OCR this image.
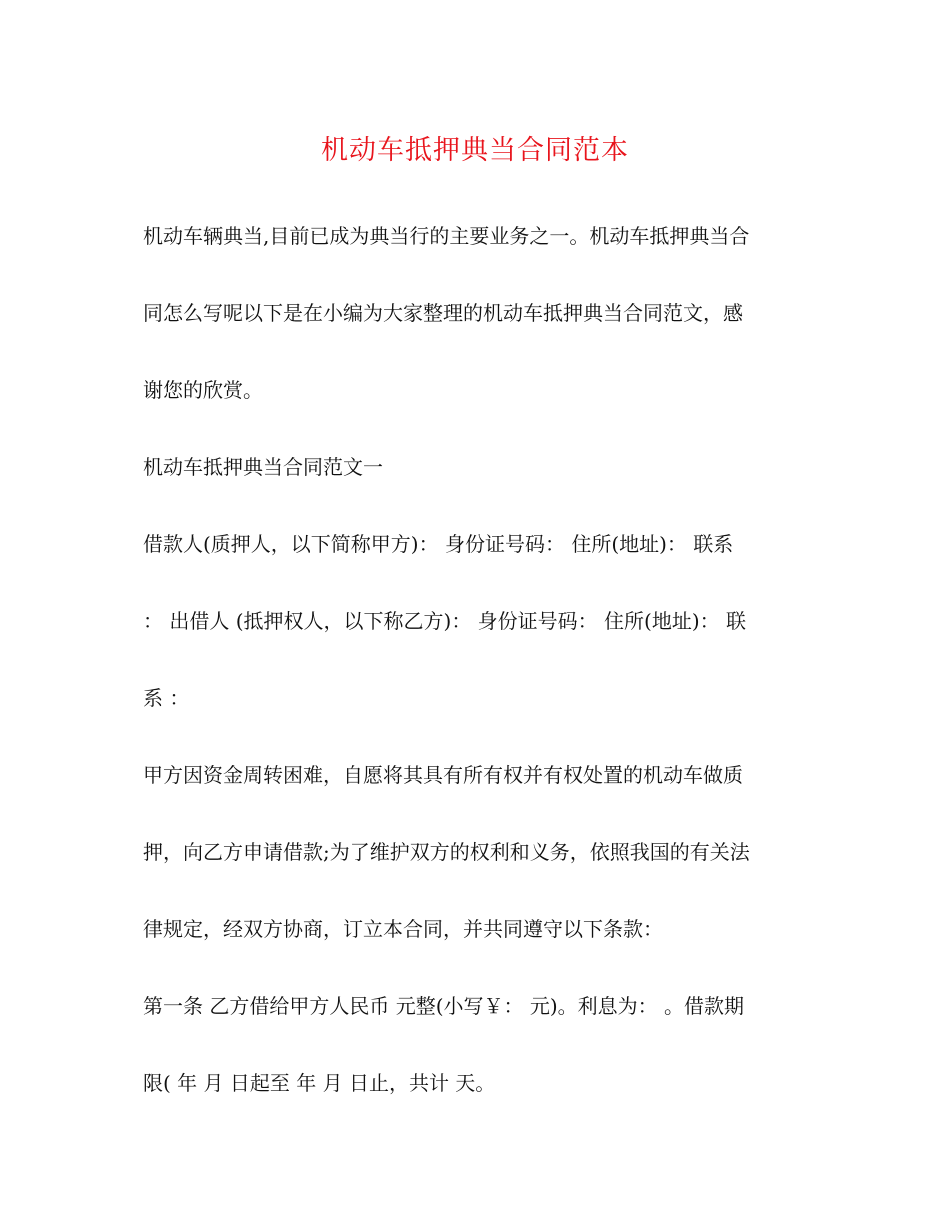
机动车抵押典当合同范本
机动车辆典当,目前已成为典当行的主要业务之一。机动车抵押典当合
同怎么写呢以下是在小编为大家整理的机动车抵押典当合同范文，感
谢您的欣赏。
机动车抵押典当合同范文一
借款人(质押人，以下简称甲方)： 身份证号码： 住所(地址)： 联系
： 出借人 (抵押权人，以下称乙方)： 身份证号码： 住所(地址)： 联
系 ：
甲方因资金周转困难，自愿将其具有所有权并有权处置的机动车做质
押，向乙方申请借款;为了维护双方的权利和义务，依照我国的有关法
律规定，经双方协商，订立本合同，并共同遵守以下条款：
第一条 乙方借给甲方人民币 元整(小写￥： 元)。利息为： 。借款期
限( 年 月 日起至 年 月 日止，共计 天。
